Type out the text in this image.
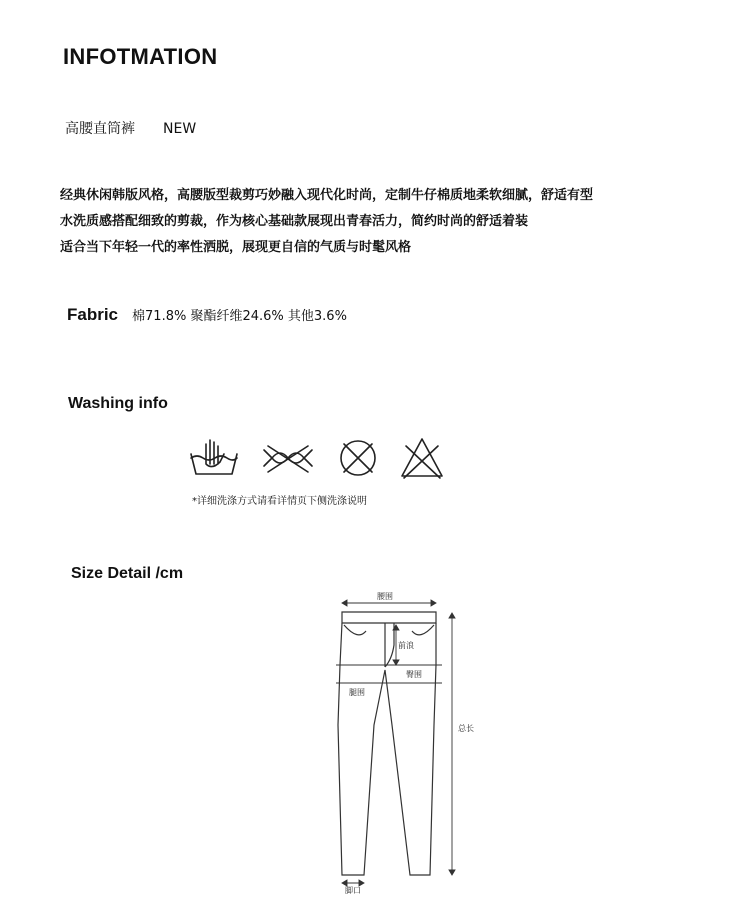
INFOTMATION
高腰直筒裤 NEW
经典休闲韩版风格，高腰版型裁剪巧妙融入现代化时尚，定制牛仔棉质地柔软细腻，舒适有型
水洗质感搭配细致的剪裁，作为核心基础款展现出青春活力，简约时尚的舒适着装
适合当下年轻一代的率性洒脱，展现更自信的气质与时髦风格
Fabric 棉71.8% 聚酯纤维24.6% 其他3.6%
Washing info
*详细洗涤方式请看详情页下侧洗涤说明
Size Detail /cm
腰围
前浪
臀围
腿围
总长
脚口
